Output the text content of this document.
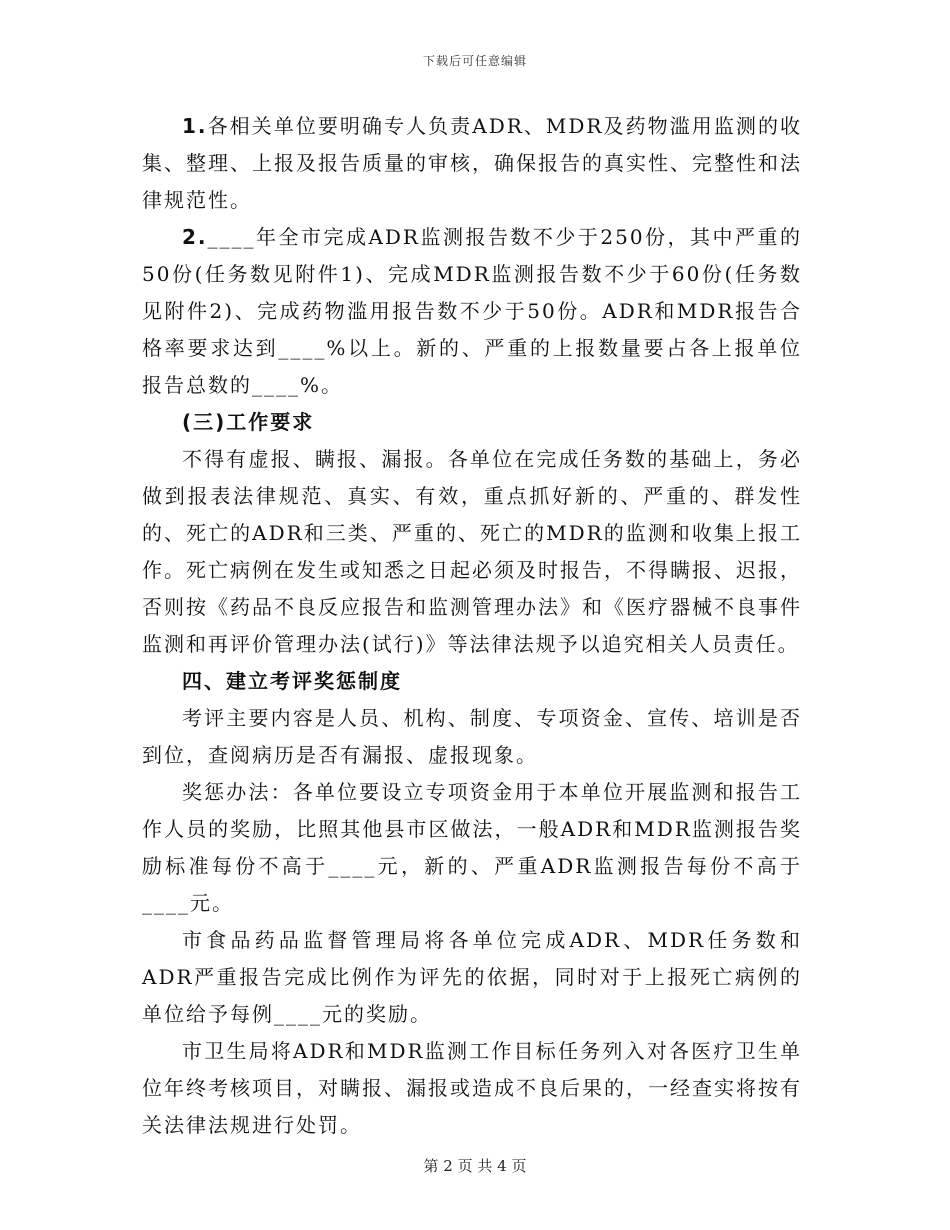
下载后可任意编辑

1.各相关单位要明确专人负责ADR、MDR及药物滥用监测的收集、整理、上报及报告质量的审核，确保报告的真实性、完整性和法律规范性。

2.____年全市完成ADR监测报告数不少于250份，其中严重的50份(任务数见附件1)、完成MDR监测报告数不少于60份(任务数见附件2)、完成药物滥用报告数不少于50份。ADR和MDR报告合格率要求达到____%以上。新的、严重的上报数量要占各上报单位报告总数的____%。

(三)工作要求

不得有虚报、瞒报、漏报。各单位在完成任务数的基础上，务必做到报表法律规范、真实、有效，重点抓好新的、严重的、群发性的、死亡的ADR和三类、严重的、死亡的MDR的监测和收集上报工作。死亡病例在发生或知悉之日起必须及时报告，不得瞒报、迟报，否则按《药品不良反应报告和监测管理办法》和《医疗器械不良事件监测和再评价管理办法(试行)》等法律法规予以追究相关人员责任。

四、建立考评奖惩制度

考评主要内容是人员、机构、制度、专项资金、宣传、培训是否到位，查阅病历是否有漏报、虚报现象。

奖惩办法：各单位要设立专项资金用于本单位开展监测和报告工作人员的奖励，比照其他县市区做法，一般ADR和MDR监测报告奖励标准每份不高于____元，新的、严重ADR监测报告每份不高于____元。

市食品药品监督管理局将各单位完成ADR、MDR任务数和ADR严重报告完成比例作为评先的依据，同时对于上报死亡病例的单位给予每例____元的奖励。

市卫生局将ADR和MDR监测工作目标任务列入对各医疗卫生单位年终考核项目，对瞒报、漏报或造成不良后果的，一经查实将按有关法律法规进行处罚。

第 2 页 共 4 页
